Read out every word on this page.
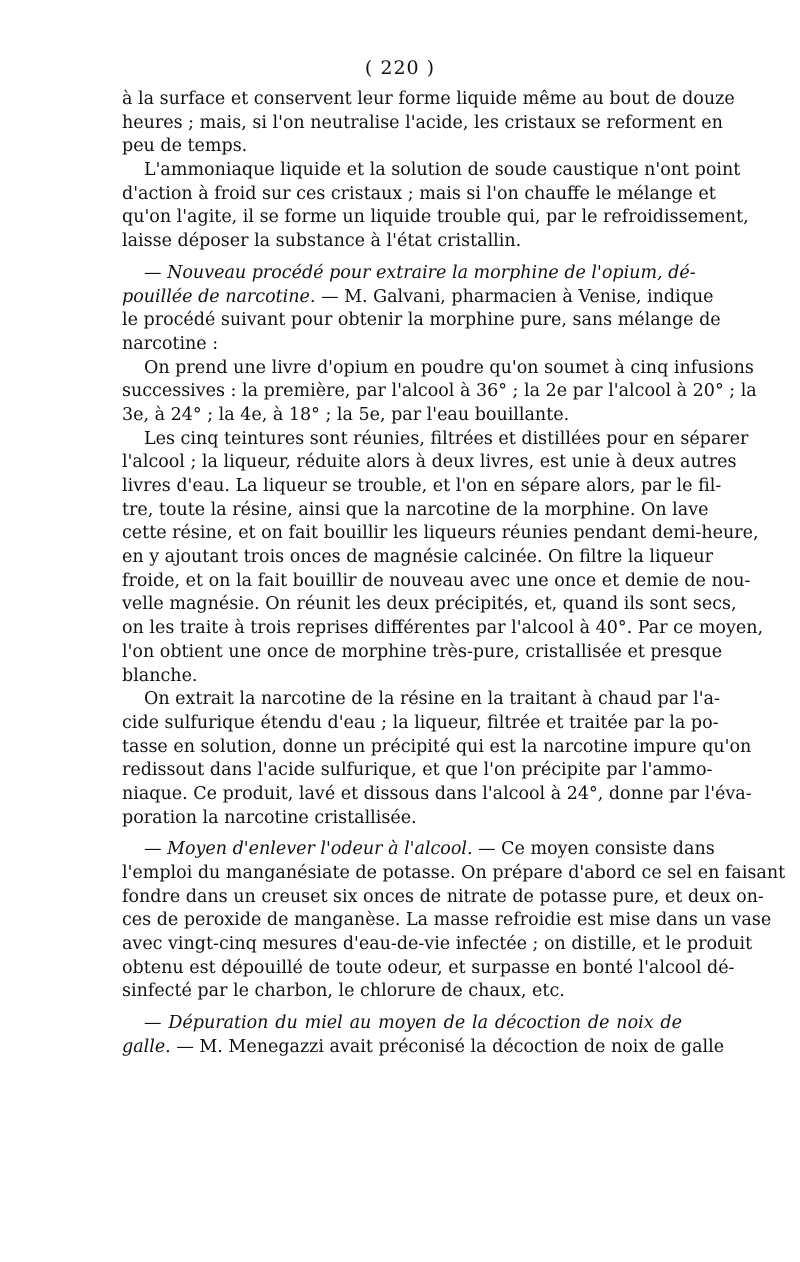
( 220 )
à la surface et conservent leur forme liquide même au bout de douze
heures ; mais, si l'on neutralise l'acide, les cristaux se reforment en
peu de temps.
L'ammoniaque liquide et la solution de soude caustique n'ont point
d'action à froid sur ces cristaux ; mais si l'on chauffe le mélange et
qu'on l'agite, il se forme un liquide trouble qui, par le refroidissement,
laisse déposer la substance à l'état cristallin.
— Nouveau procédé pour extraire la morphine de l'opium, dé-
pouillée de narcotine. — M. Galvani, pharmacien à Venise, indique
le procédé suivant pour obtenir la morphine pure, sans mélange de
narcotine :
On prend une livre d'opium en poudre qu'on soumet à cinq infusions
successives : la première, par l'alcool à 36° ; la 2e par l'alcool à 20° ; la
3e, à 24° ; la 4e, à 18° ; la 5e, par l'eau bouillante.
Les cinq teintures sont réunies, filtrées et distillées pour en séparer
l'alcool ; la liqueur, réduite alors à deux livres, est unie à deux autres
livres d'eau. La liqueur se trouble, et l'on en sépare alors, par le fil-
tre, toute la résine, ainsi que la narcotine de la morphine. On lave
cette résine, et on fait bouillir les liqueurs réunies pendant demi-heure,
en y ajoutant trois onces de magnésie calcinée. On filtre la liqueur
froide, et on la fait bouillir de nouveau avec une once et demie de nou-
velle magnésie. On réunit les deux précipités, et, quand ils sont secs,
on les traite à trois reprises différentes par l'alcool à 40°. Par ce moyen,
l'on obtient une once de morphine très-pure, cristallisée et presque
blanche.
On extrait la narcotine de la résine en la traitant à chaud par l'a-
cide sulfurique étendu d'eau ; la liqueur, filtrée et traitée par la po-
tasse en solution, donne un précipité qui est la narcotine impure qu'on
redissout dans l'acide sulfurique, et que l'on précipite par l'ammo-
niaque. Ce produit, lavé et dissous dans l'alcool à 24°, donne par l'éva-
poration la narcotine cristallisée.
— Moyen d'enlever l'odeur à l'alcool. — Ce moyen consiste dans
l'emploi du manganésiate de potasse. On prépare d'abord ce sel en faisant
fondre dans un creuset six onces de nitrate de potasse pure, et deux on-
ces de peroxide de manganèse. La masse refroidie est mise dans un vase
avec vingt-cinq mesures d'eau-de-vie infectée ; on distille, et le produit
obtenu est dépouillé de toute odeur, et surpasse en bonté l'alcool dé-
sinfecté par le charbon, le chlorure de chaux, etc.
— Dépuration du miel au moyen de la décoction de noix de
galle. — M. Menegazzi avait préconisé la décoction de noix de galle
